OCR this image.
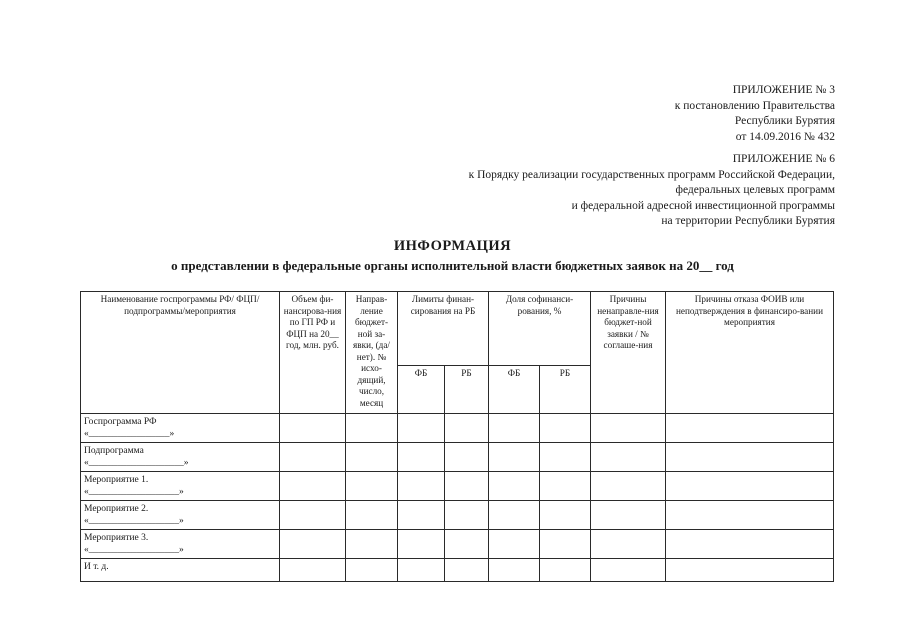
ПРИЛОЖЕНИЕ № 3
к постановлению Правительства
Республики Бурятия
от 14.09.2016 № 432
ПРИЛОЖЕНИЕ № 6
к Порядку реализации государственных программ Российской Федерации,
федеральных целевых программ
и федеральной адресной инвестиционной программы
на территории Республики Бурятия
ИНФОРМАЦИЯ
о представлении в федеральные органы исполнительной власти бюджетных заявок на 20__ год
Наименование госпрограммы РФ/ ФЦП/подпрограммы/мероприятия	Объем фи-нансирова-ния по ГП РФ и ФЦП на 20__ год, млн. руб.	Направ-ление бюджет-ной за-явки, (да/нет). № исхо-дящий, число, месяц	Лимиты финан-сирования на РБ		Доля софинанси-рования, %		Причины ненаправле-ния бюджет-ной заявки / № соглаше-ния	Причины отказа ФОИВ или неподтверждения в финансиро-вании мероприятия
			ФБ	РБ	ФБ	РБ		

Госпрограмма РФ
«_________________»								

Подпрограмма
«____________________»								

Мероприятие 1.
«___________________»								

Мероприятие 2.
«___________________»								

Мероприятие 3.
«___________________»								

И т. д.								
